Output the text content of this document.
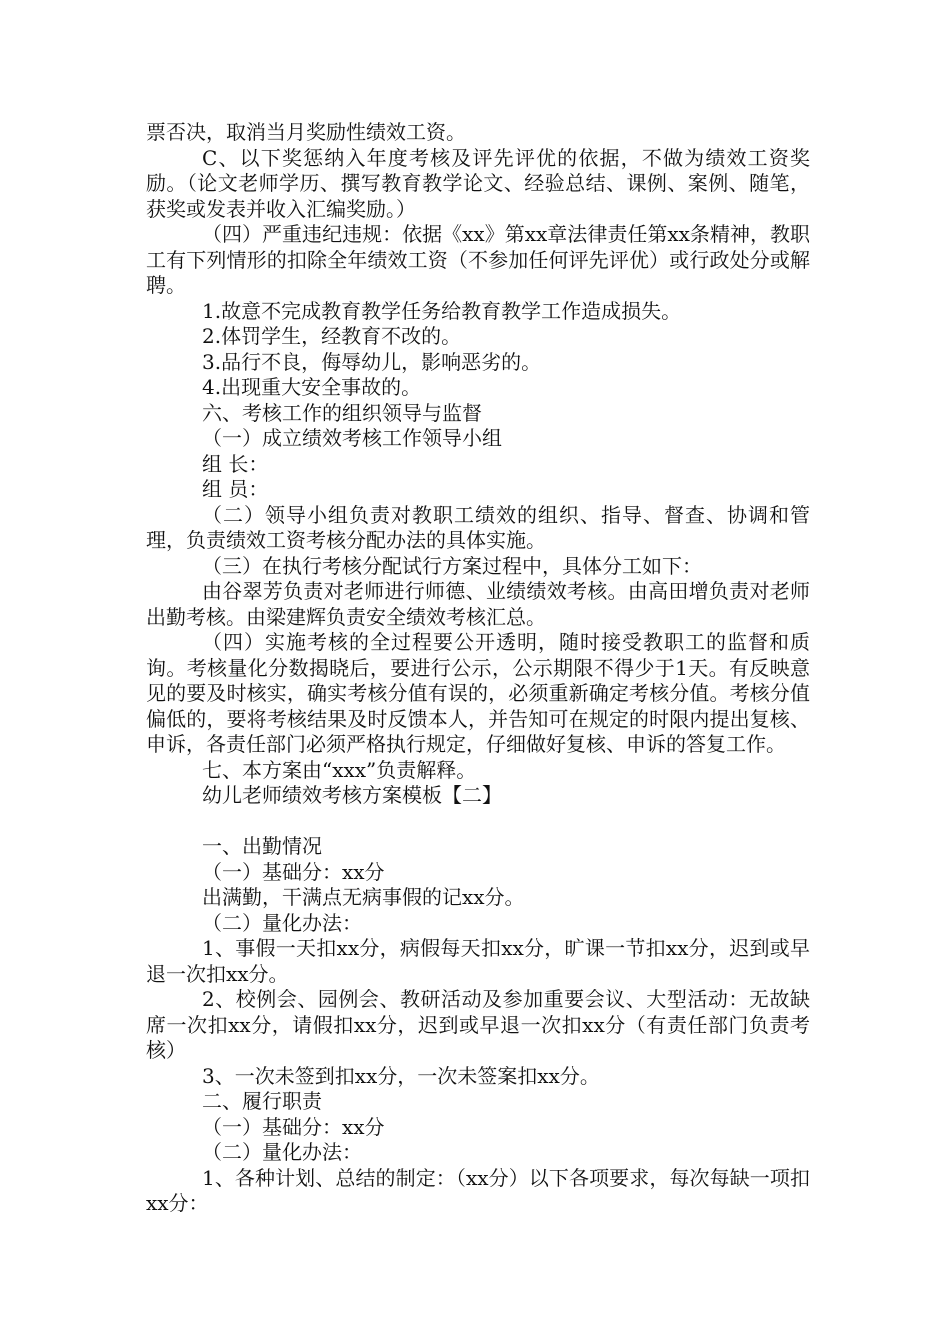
票否决，取消当月奖励性绩效工资。

C、以下奖惩纳入年度考核及评先评优的依据，不做为绩效工资奖励。（论文老师学历、撰写教育教学论文、经验总结、课例、案例、随笔，获奖或发表并收入汇编奖励。）

（四）严重违纪违规：依据《xx》第xx章法律责任第xx条精神，教职工有下列情形的扣除全年绩效工资（不参加任何评先评优）或行政处分或解聘。

1.故意不完成教育教学任务给教育教学工作造成损失。

2.体罚学生，经教育不改的。

3.品行不良，侮辱幼儿，影响恶劣的。

4.出现重大安全事故的。

六、考核工作的组织领导与监督

（一）成立绩效考核工作领导小组

组 长：

组 员：

（二）领导小组负责对教职工绩效的组织、指导、督查、协调和管理，负责绩效工资考核分配办法的具体实施。

（三）在执行考核分配试行方案过程中，具体分工如下：

由谷翠芳负责对老师进行师德、业绩绩效考核。由高田增负责对老师出勤考核。由梁建辉负责安全绩效考核汇总。

（四）实施考核的全过程要公开透明，随时接受教职工的监督和质询。考核量化分数揭晓后，要进行公示，公示期限不得少于1天。有反映意见的要及时核实，确实考核分值有误的，必须重新确定考核分值。考核分值偏低的，要将考核结果及时反馈本人，并告知可在规定的时限内提出复核、申诉，各责任部门必须严格执行规定，仔细做好复核、申诉的答复工作。

七、本方案由“xxx”负责解释。

幼儿老师绩效考核方案模板【二】

一、出勤情况

（一）基础分：xx分

出满勤，干满点无病事假的记xx分。

（二）量化办法：

1、事假一天扣xx分，病假每天扣xx分，旷课一节扣xx分，迟到或早退一次扣xx分。

2、校例会、园例会、教研活动及参加重要会议、大型活动：无故缺席一次扣xx分，请假扣xx分，迟到或早退一次扣xx分（有责任部门负责考核）

3、一次未签到扣xx分，一次未签案扣xx分。

二、履行职责

（一）基础分：xx分

（二）量化办法：

1、各种计划、总结的制定：（xx分）以下各项要求，每次每缺一项扣xx分：
